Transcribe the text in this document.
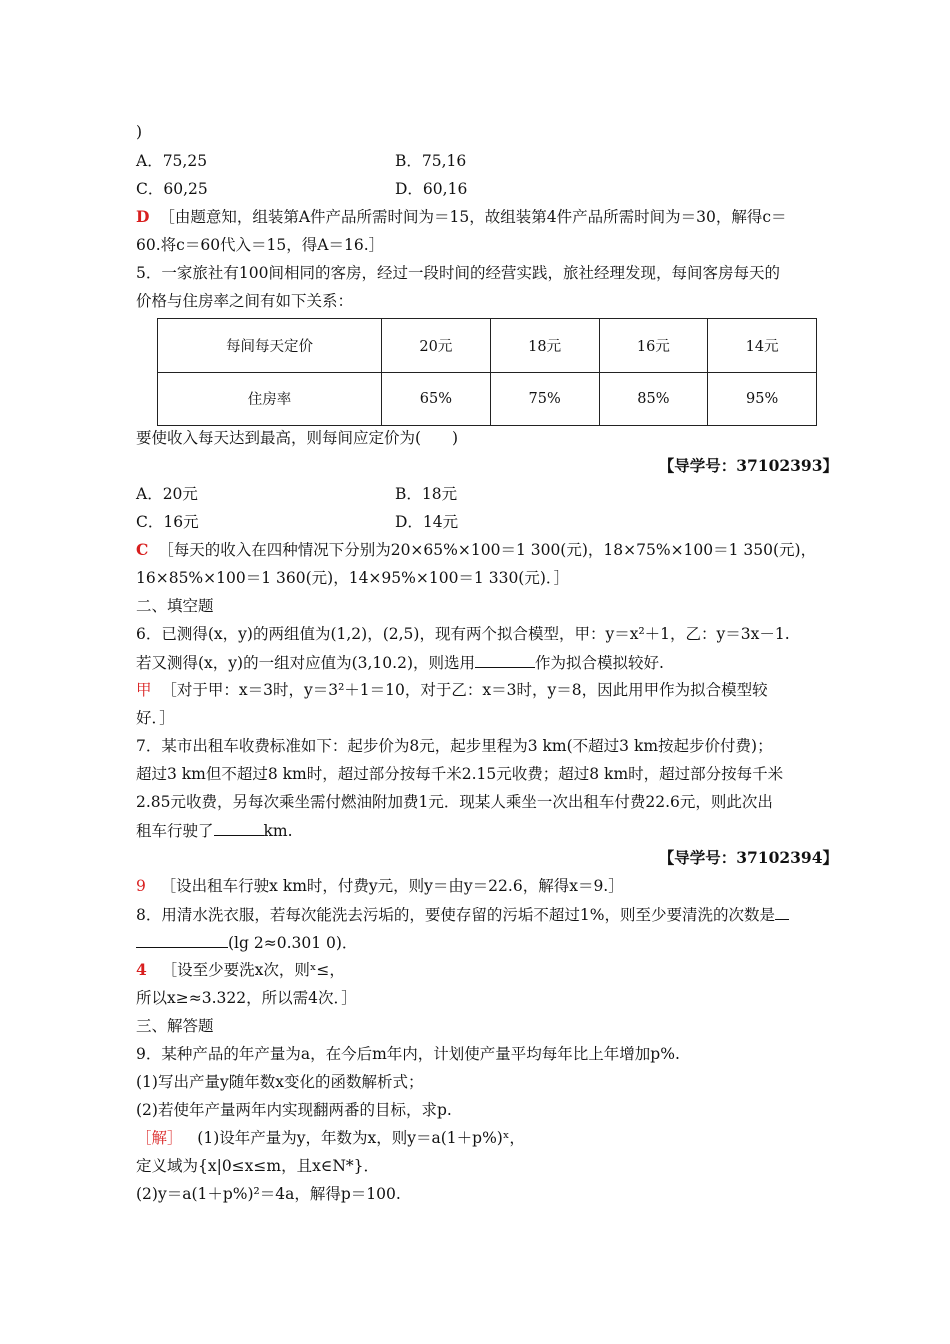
)
A．75,25	B．75,16
C．60,25	D．60,16
D ［由题意知，组装第A件产品所需时间为＝15，故组装第4件产品所需时间为＝30，解得c＝
60.将c＝60代入＝15，得A＝16.］
5．一家旅社有100间相同的客房，经过一段时间的经营实践，旅社经理发现，每间客房每天的
价格与住房率之间有如下关系：
每间每天定价	20元	18元	16元	14元
住房率	65%	75%	85%	95%
要使收入每天达到最高，则每间应定价为(　　)
【导学号：37102393】
A．20元	B．18元
C．16元	D．14元
C ［每天的收入在四种情况下分别为20×65%×100＝1 300(元)，18×75%×100＝1 350(元)，
16×85%×100＝1 360(元)，14×95%×100＝1 330(元)．］
二、填空题
6．已测得(x，y)的两组值为(1,2)，(2,5)，现有两个拟合模型，甲：y＝x²＋1，乙：y＝3x－1.
若又测得(x，y)的一组对应值为(3,10.2)，则选用	作为拟合模拟较好.
甲 ［对于甲：x＝3时，y＝3²＋1＝10，对于乙：x＝3时，y＝8，因此用甲作为拟合模型较
好．］
7．某市出租车收费标准如下：起步价为8元，起步里程为3 km(不超过3 km按起步价付费)；
超过3 km但不超过8 km时，超过部分按每千米2.15元收费；超过8 km时，超过部分按每千米
2.85元收费，另每次乘坐需付燃油附加费1元．现某人乘坐一次出租车付费22.6元，则此次出
租车行驶了	km.
【导学号：37102394】
9 ［设出租车行驶x km时，付费y元，则y＝由y＝22.6，解得x＝9.］
8．用清水洗衣服，若每次能洗去污垢的，要使存留的污垢不超过1%，则至少要清洗的次数是
(lg 2≈0.301 0)．
4 ［设至少要洗x次，则ˣ≤，
所以x≥≈3.322，所以需4次．］
三、解答题
9．某种产品的年产量为a，在今后m年内，计划使产量平均每年比上年增加p%.
(1)写出产量y随年数x变化的函数解析式；
(2)若使年产量两年内实现翻两番的目标，求p.
［解］ (1)设年产量为y，年数为x，则y＝a(1＋p%)ˣ，
定义域为{x|0≤x≤m，且x∈N*}．
(2)y＝a(1＋p%)²＝4a，解得p＝100.
